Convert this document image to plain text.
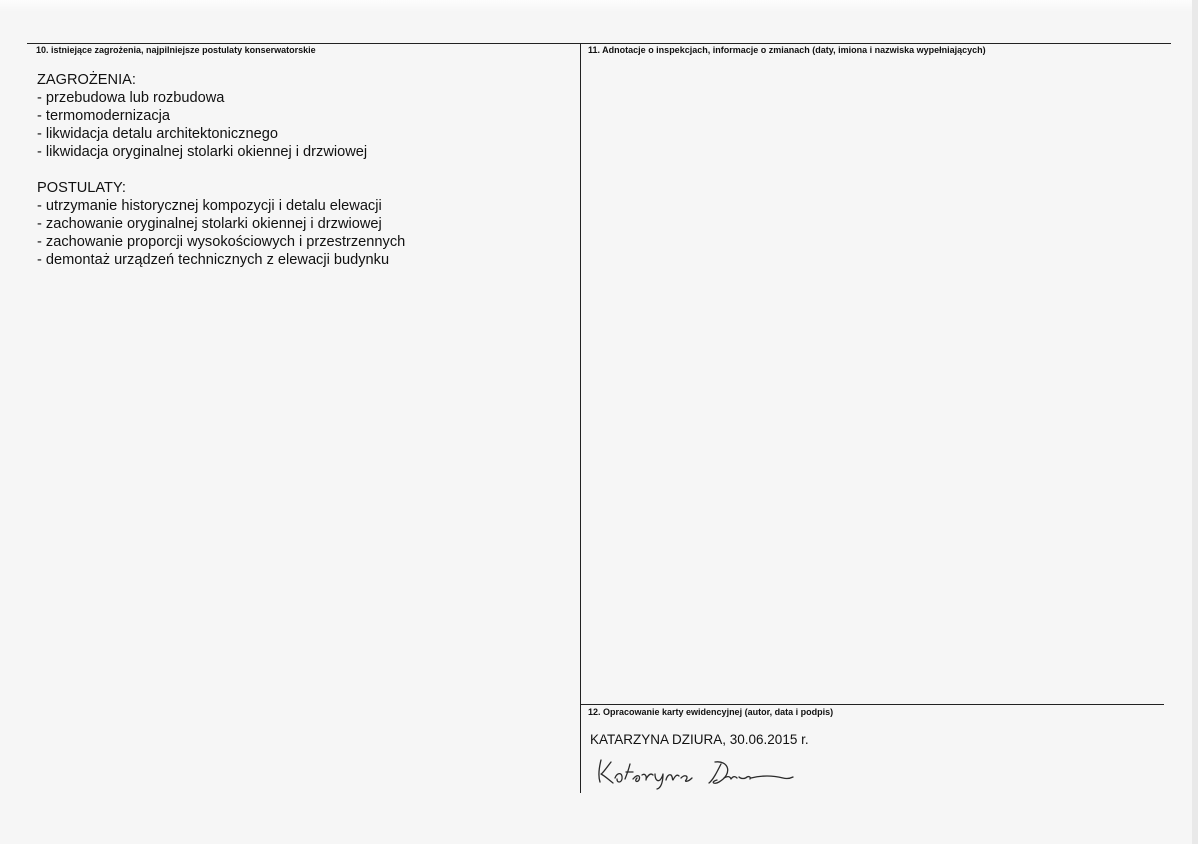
10. istniejące zagrożenia, najpilniejsze postulaty konserwatorskie	11. Adnotacje o inspekcjach, informacje o zmianach (daty, imiona i nazwiska wypełniających)
12. Opracowanie karty ewidencyjnej (autor, data i podpis)
ZAGROŻENIA:
- przebudowa lub rozbudowa
- termomodernizacja
- likwidacja detalu architektonicznego
- likwidacja oryginalnej stolarki okiennej i drzwiowej
POSTULATY:
- utrzymanie historycznej kompozycji i detalu elewacji
- zachowanie oryginalnej stolarki okiennej i drzwiowej
- zachowanie proporcji wysokościowych i przestrzennych
- demontaż urządzeń technicznych z elewacji budynku
KATARZYNA DZIURA, 30.06.2015 r.
